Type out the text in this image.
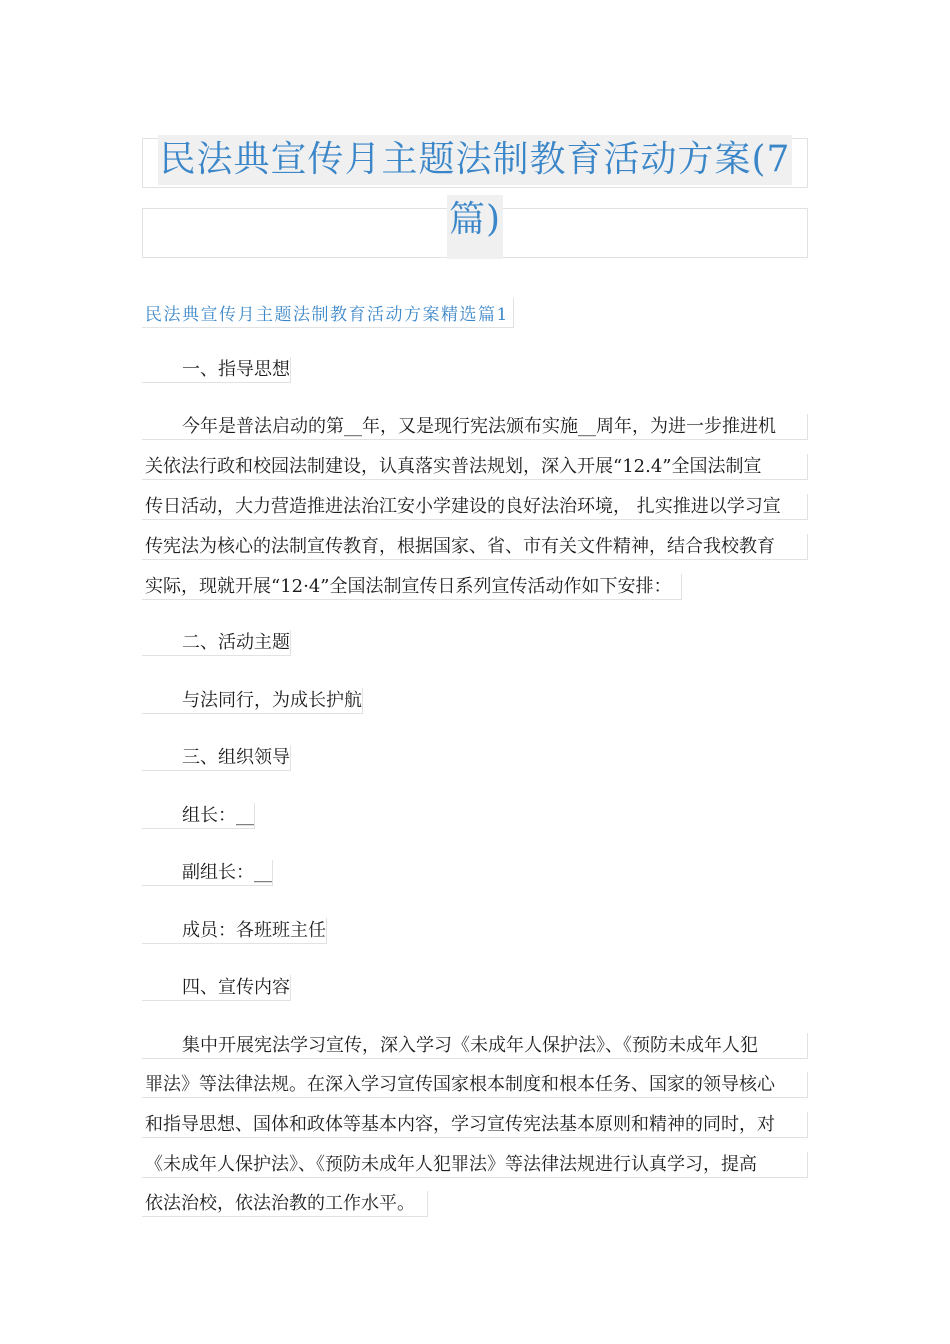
民法典宣传月主题法制教育活动方案(7
篇)
民法典宣传月主题法制教育活动方案精选篇1
一、指导思想
今年是普法启动的第__年，又是现行宪法颁布实施__周年，为进一步推进机
关依法行政和校园法制建设，认真落实普法规划，深入开展“12.4”全国法制宣
传日活动，大力营造推进法治江安小学建设的良好法治环境， 扎实推进以学习宣
传宪法为核心的法制宣传教育，根据国家、省、市有关文件精神，结合我校教育
实际，现就开展“12·4”全国法制宣传日系列宣传活动作如下安排：
二、活动主题
与法同行，为成长护航
三、组织领导
组长：__
副组长：__
成员：各班班主任
四、宣传内容
集中开展宪法学习宣传，深入学习《未成年人保护法》、《预防未成年人犯
罪法》等法律法规。在深入学习宣传国家根本制度和根本任务、国家的领导核心
和指导思想、国体和政体等基本内容，学习宣传宪法基本原则和精神的同时，对
《未成年人保护法》、《预防未成年人犯罪法》等法律法规进行认真学习，提高
依法治校，依法治教的工作水平。
